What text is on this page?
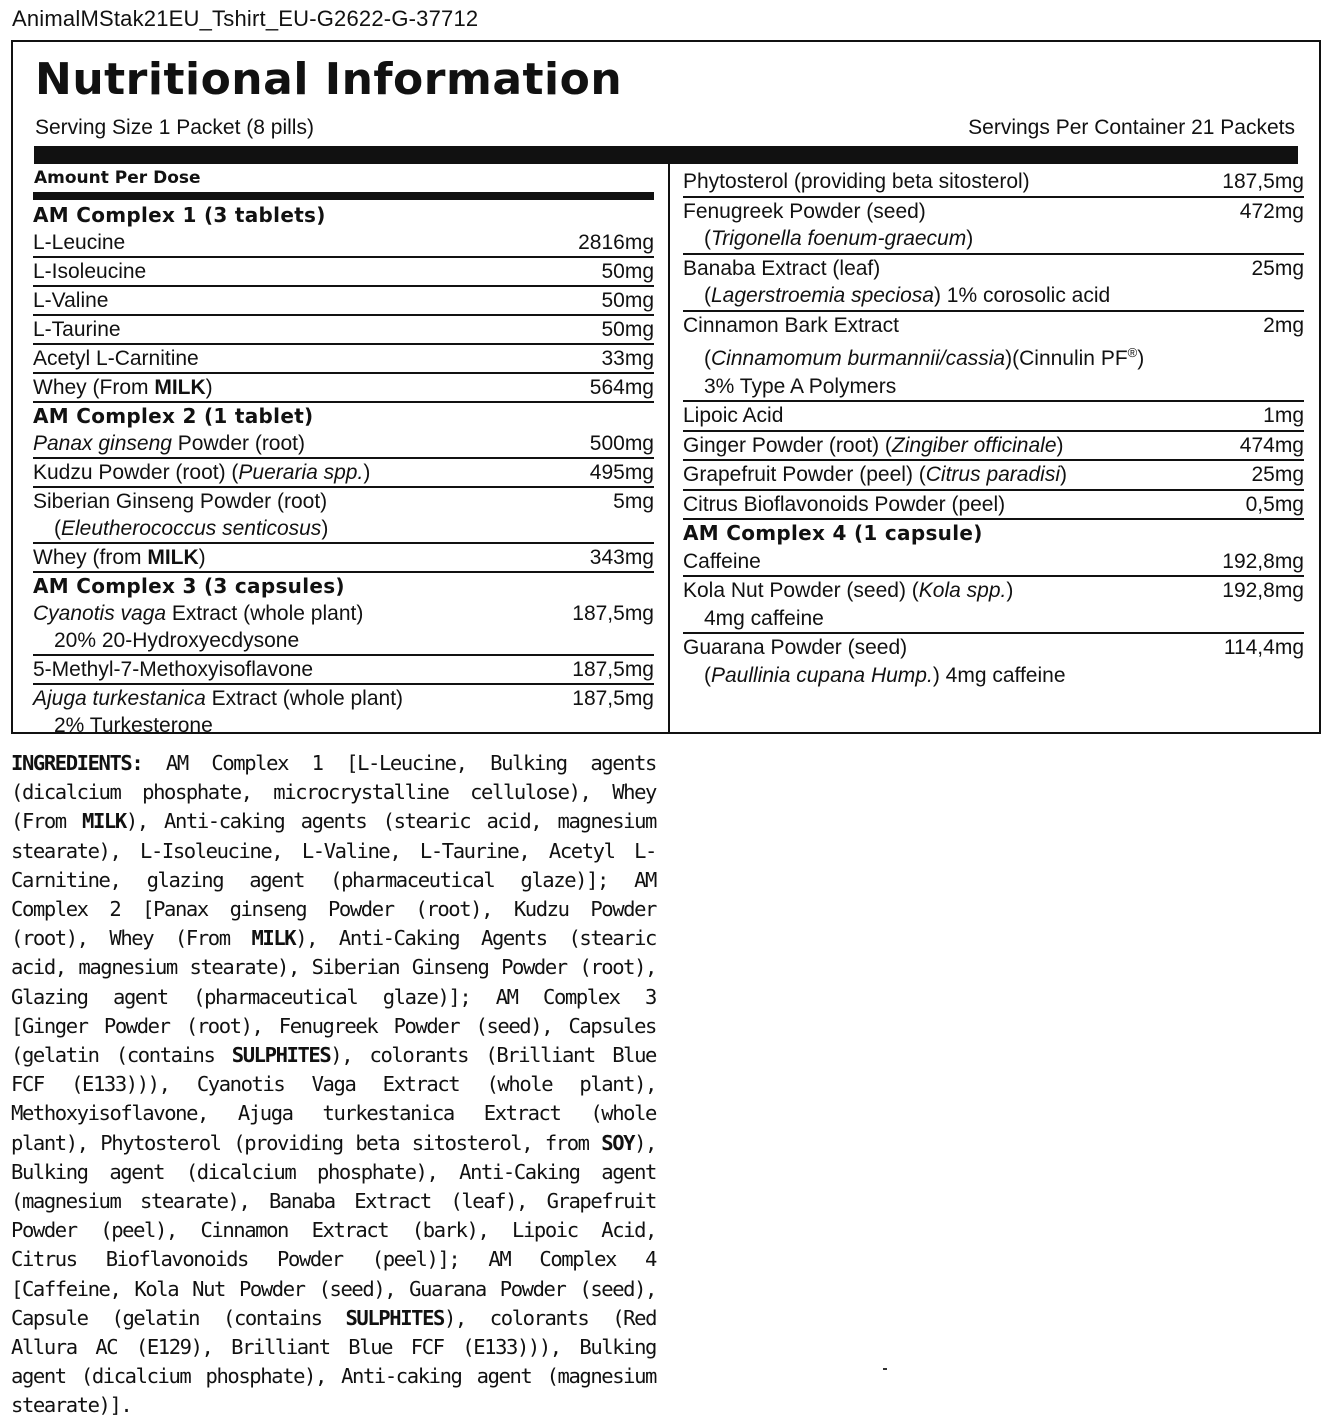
AnimalMStak21EU_Tshirt_EU-G2622-G-37712
Nutritional Information
Serving Size 1 Packet (8 pills)	Servings Per Container 21 Packets
Amount Per Dose
AM Complex 1 (3 tablets)
L-Leucine	2816mg
L-Isoleucine	50mg
L-Valine	50mg
L-Taurine	50mg
Acetyl L-Carnitine	33mg
Whey (From MILK)	564mg
AM Complex 2 (1 tablet)
Panax ginseng Powder (root)	500mg
Kudzu Powder (root) (Pueraria spp.)	495mg
Siberian Ginseng Powder (root)	5mg
(Eleutherococcus senticosus)
Whey (from MILK)	343mg
AM Complex 3 (3 capsules)
Cyanotis vaga Extract (whole plant)	187,5mg
20% 20-Hydroxyecdysone
5-Methyl-7-Methoxyisoflavone	187,5mg
Ajuga turkestanica Extract (whole plant)	187,5mg
2% Turkesterone
Phytosterol (providing beta sitosterol)	187,5mg
Fenugreek Powder (seed)	472mg
(Trigonella foenum-graecum)
Banaba Extract (leaf)	25mg
(Lagerstroemia speciosa) 1% corosolic acid
Cinnamon Bark Extract	2mg
(Cinnamomum burmannii/cassia)(Cinnulin PF®)
3% Type A Polymers
Lipoic Acid	1mg
Ginger Powder (root) (Zingiber officinale)	474mg
Grapefruit Powder (peel) (Citrus paradisi)	25mg
Citrus Bioflavonoids Powder (peel)	0,5mg
AM Complex 4 (1 capsule)
Caffeine	192,8mg
Kola Nut Powder (seed) (Kola spp.)	192,8mg
4mg caffeine
Guarana Powder (seed)	114,4mg
(Paullinia cupana Hump.) 4mg caffeine
INGREDIENTS: AM Complex 1 [L-Leucine, Bulking agents (dicalcium phosphate, microcrystalline cellulose), Whey (From MILK), Anti-caking agents (stearic acid, magnesium stearate), L-Isoleucine, L-Valine, L-Taurine, Acetyl L-Carnitine, glazing agent (pharmaceutical glaze)]; AM Complex 2 [Panax ginseng Powder (root), Kudzu Powder (root), Whey (From MILK), Anti-Caking Agents (stearic acid, magnesium stearate), Siberian Ginseng Powder (root), Glazing agent (pharmaceutical glaze)]; AM Complex 3 [Ginger Powder (root), Fenugreek Powder (seed), Capsules (gelatin (contains SULPHITES), colorants (Brilliant Blue FCF (E133))), Cyanotis Vaga Extract (whole plant), Methoxyisoflavone, Ajuga turkestanica Extract (whole plant), Phytosterol (providing beta sitosterol, from SOY), Bulking agent (dicalcium phosphate), Anti-Caking agent (magnesium stearate), Banaba Extract (leaf), Grapefruit Powder (peel), Cinnamon Extract (bark), Lipoic Acid, Citrus Bioflavonoids Powder (peel)]; AM Complex 4 [Caffeine, Kola Nut Powder (seed), Guarana Powder (seed), Capsule (gelatin (contains SULPHITES), colorants (Red Allura AC (E129), Brilliant Blue FCF (E133))), Bulking agent (dicalcium phosphate), Anti-caking agent (magnesium stearate)].
